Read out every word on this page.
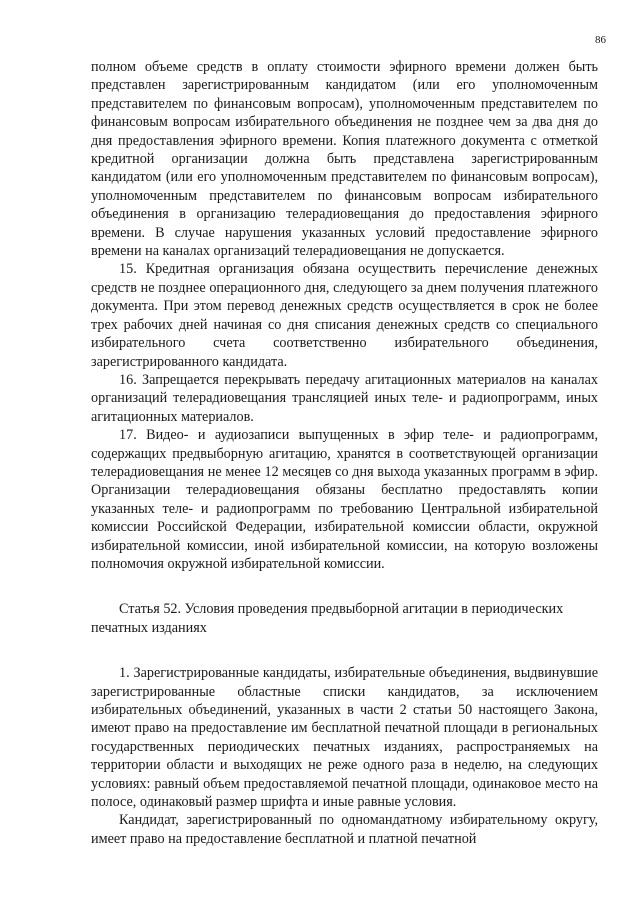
86

полном объеме средств в оплату стоимости эфирного времени должен быть представлен зарегистрированным кандидатом (или его уполномоченным представителем по финансовым вопросам), уполномоченным представителем по финансовым вопросам избирательного объединения не позднее чем за два дня до дня предоставления эфирного времени. Копия платежного документа с отметкой кредитной организации должна быть представлена зарегистрированным кандидатом (или его уполномоченным представителем по финансовым вопросам), уполномоченным представителем по финансовым вопросам избирательного объединения в организацию телерадиовещания до предоставления эфирного времени. В случае нарушения указанных условий предоставление эфирного времени на каналах организаций телерадиовещания не допускается.

15. Кредитная организация обязана осуществить перечисление денежных средств не позднее операционного дня, следующего за днем получения платежного документа. При этом перевод денежных средств осуществляется в срок не более трех рабочих дней начиная со дня списания денежных средств со специального избирательного счета соответственно избирательного объединения, зарегистрированного кандидата.

16. Запрещается перекрывать передачу агитационных материалов на каналах организаций телерадиовещания трансляцией иных теле- и радиопрограмм, иных агитационных материалов.

17. Видео- и аудиозаписи выпущенных в эфир теле- и радиопрограмм, содержащих предвыборную агитацию, хранятся в соответствующей организации телерадиовещания не менее 12 месяцев со дня выхода указанных программ в эфир. Организации телерадиовещания обязаны бесплатно предоставлять копии указанных теле- и радиопрограмм по требованию Центральной избирательной комиссии Российской Федерации, избирательной комиссии области, окружной избирательной комиссии, иной избирательной комиссии, на которую возложены полномочия окружной избирательной комиссии.

Статья 52. Условия проведения предвыборной агитации в периодических печатных изданиях

1. Зарегистрированные кандидаты, избирательные объединения, выдвинувшие зарегистрированные областные списки кандидатов, за исключением избирательных объединений, указанных в части 2 статьи 50 настоящего Закона, имеют право на предоставление им бесплатной печатной площади в региональных государственных периодических печатных изданиях, распространяемых на территории области и выходящих не реже одного раза в неделю, на следующих условиях: равный объем предоставляемой печатной площади, одинаковое место на полосе, одинаковый размер шрифта и иные равные условия.

Кандидат, зарегистрированный по одномандатному избирательному округу, имеет право на предоставление бесплатной и платной печатной
